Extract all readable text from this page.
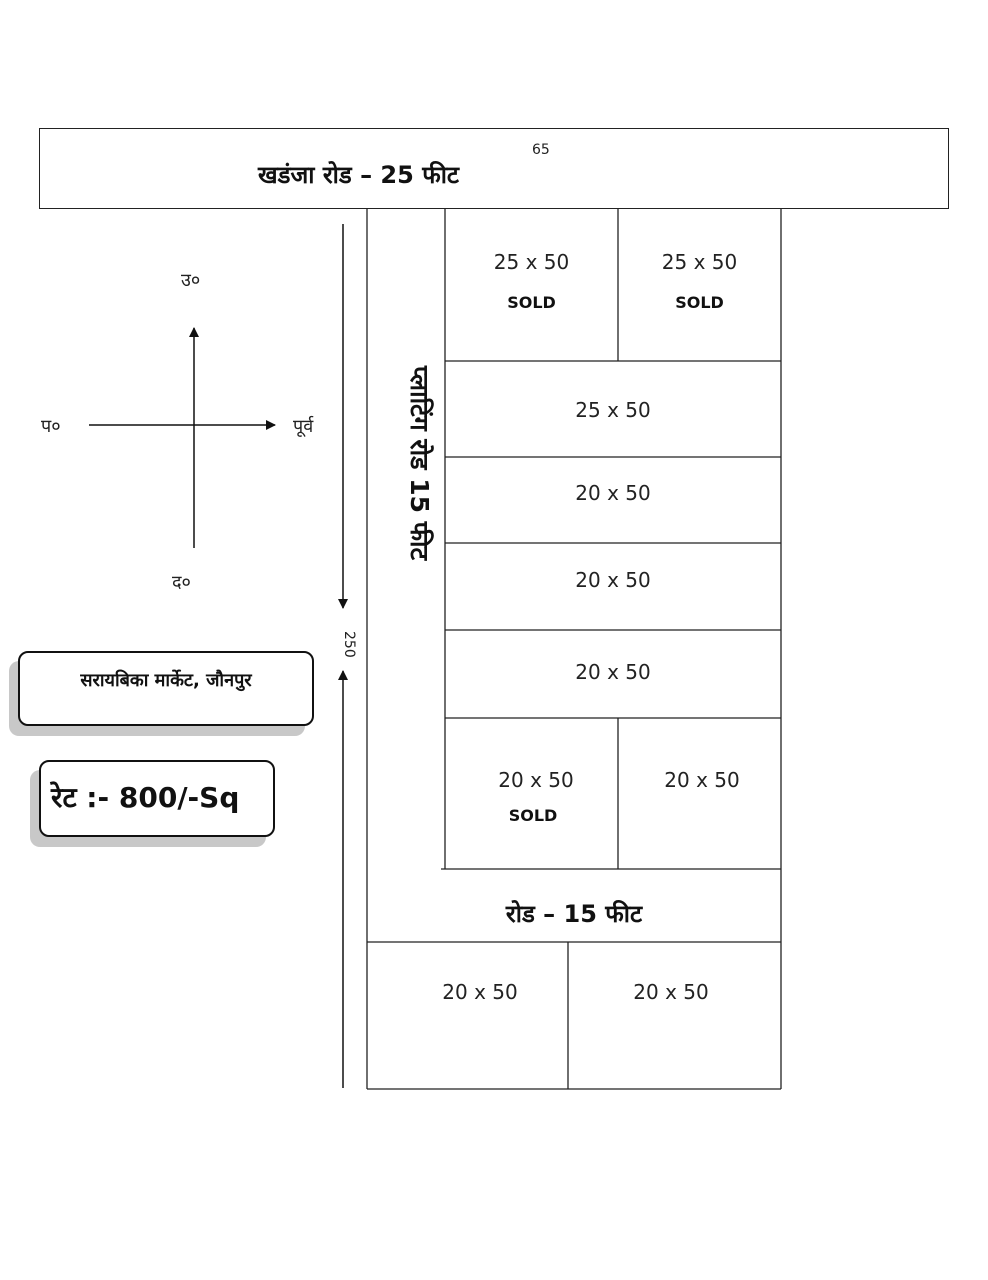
खडंजा रोड – 25 फीट
65
प्लाटिंग रोड 15 फीट
250
उ०
द०
प०	पूर्व
सरायबिका मार्केट, जौनपुर
रेट :- 800/-Sq
25 x 50
SOLD
25 x 50
SOLD
25 x 50
20 x 50
20 x 50
20 x 50
20 x 50
SOLD
20 x 50
रोड – 15 फीट
20 x 50	20 x 50
